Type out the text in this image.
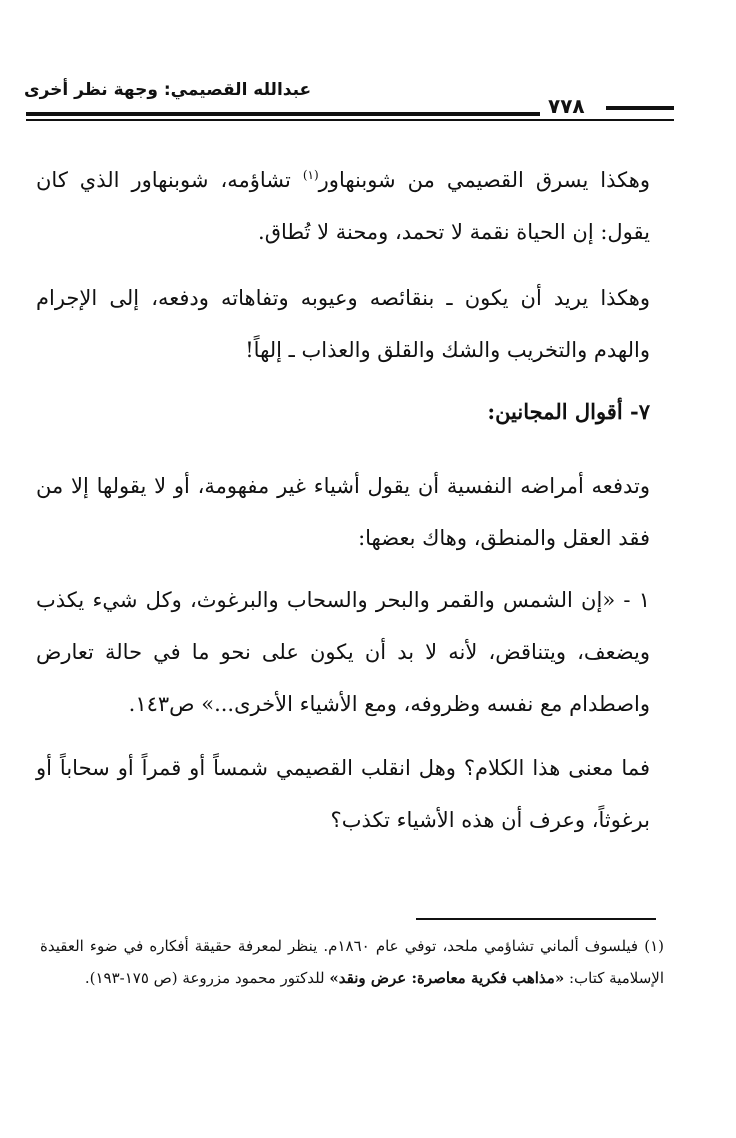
عبدالله القصيمي: وجهة نظر أخرى
٧٧٨
وهكذا يسرق القصيمي من شوبنهاور$^{(١)}$ تشاؤمه، شوبنهاور الذي كان يقول: إن الحياة نقمة لا تحمد، ومحنة لا تُطاق.
وهكذا يريد أن يكون ـ بنقائصه وعيوبه وتفاهاته ودفعه، إلى الإجرام والهدم والتخريب والشك والقلق والعذاب ـ إلهاً!
٧- أقوال المجانين:
وتدفعه أمراضه النفسية أن يقول أشياء غير مفهومة، أو لا يقولها إلا من فقد العقل والمنطق، وهاك بعضها:
١ - «إن الشمس والقمر والبحر والسحاب والبرغوث، وكل شيء يكذب ويضعف، ويتناقض، لأنه لا بد أن يكون على نحو ما في حالة تعارض واصطدام مع نفسه وظروفه، ومع الأشياء الأخرى...» ص١٤٣.
فما معنى هذا الكلام؟ وهل انقلب القصيمي شمساً أو قمراً أو سحاباً أو برغوثاً، وعرف أن هذه الأشياء تكذب؟
(١) فيلسوف ألماني تشاؤمي ملحد، توفي عام ١٨٦٠م. ينظر لمعرفة حقيقة أفكاره في ضوء العقيدة الإسلامية كتاب: «مذاهب فكرية معاصرة: عرض ونقد» للدكتور محمود مزروعة (ص ١٧٥-١٩٣).
